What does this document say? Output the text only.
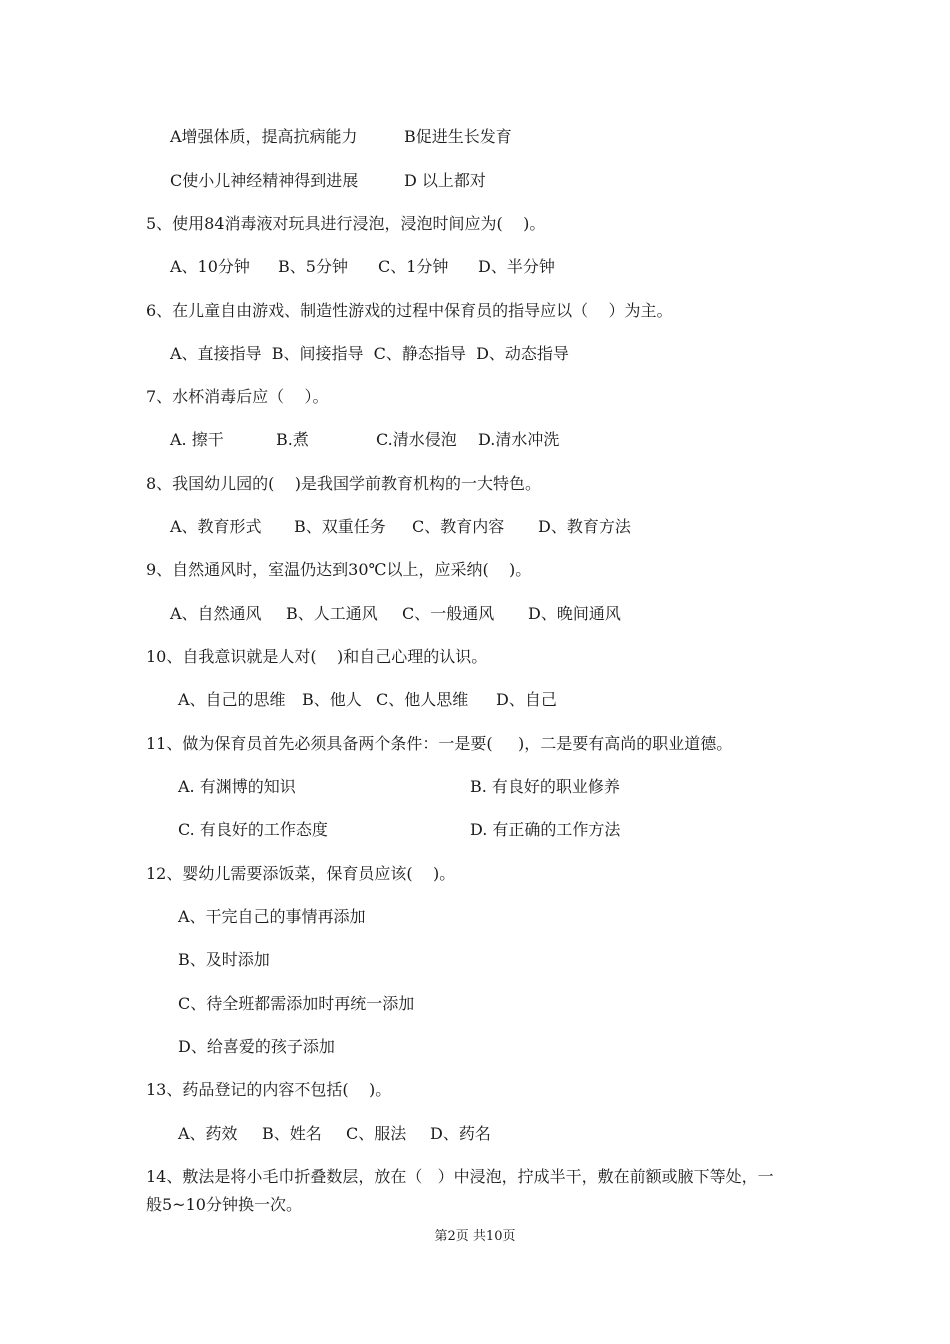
A增强体质，提高抗病能力	B促进生长发育
C使小儿神经精神得到进展	D 以上都对
5、使用84消毒液对玩具进行浸泡，浸泡时间应为(    )。
A、10分钟 B、5分钟 C、1分钟 D、半分钟
6、在儿童自由游戏、制造性游戏的过程中保育员的指导应以（    ）为主。
A、直接指导  B、间接指导  C、静态指导  D、动态指导
7、水杯消毒后应（    ）。
A. 擦干	B.煮	C.清水侵泡 D.清水冲洗
8、我国幼儿园的(    )是我国学前教育机构的一大特色。
A、教育形式 B、双重任务 C、教育内容 D、教育方法
9、自然通风时，室温仍达到30℃以上，应采纳(    )。
A、自然通风 B、人工通风 C、一般通风 D、晚间通风
10、自我意识就是人对(    )和自己心理的认识。
A、自己的思维 B、他人 C、他人思维 D、自己
11、做为保育员首先必须具备两个条件：一是要(     )，二是要有高尚的职业道德。
A. 有渊博的知识	B. 有良好的职业修养
C. 有良好的工作态度	D. 有正确的工作方法
12、婴幼儿需要添饭菜，保育员应该(    )。
A、干完自己的事情再添加
B、及时添加
C、待全班都需添加时再统一添加
D、给喜爱的孩子添加
13、药品登记的内容不包括(    )。
A、药效 B、姓名 C、服法 D、药名
14、敷法是将小毛巾折叠数层，放在（   ）中浸泡，拧成半干，敷在前额或腋下等处，一
般5~10分钟换一次。
第2页 共10页
